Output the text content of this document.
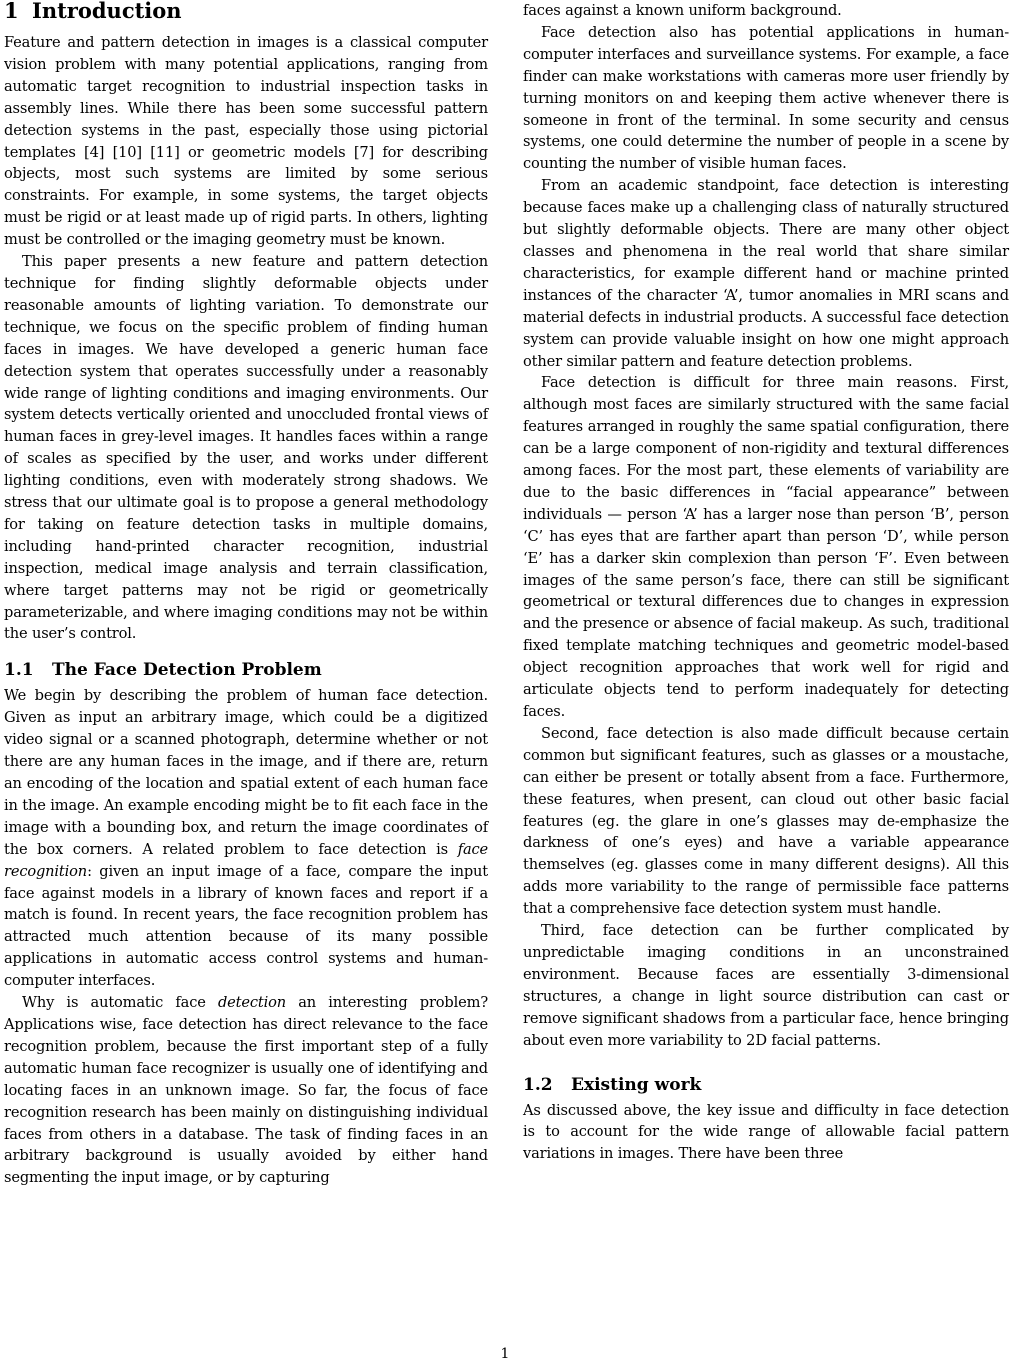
1 Introduction

Feature and pattern detection in images is a classical computer vision problem with many potential applications, ranging from automatic target recognition to industrial inspection tasks in assembly lines. While there has been some successful pattern detection systems in the past, especially those using pictorial templates [4] [10] [11] or geometric models [7] for describing objects, most such systems are limited by some serious constraints. For example, in some systems, the target objects must be rigid or at least made up of rigid parts. In others, lighting must be controlled or the imaging geometry must be known.

This paper presents a new feature and pattern detection technique for finding slightly deformable objects under reasonable amounts of lighting variation. To demonstrate our technique, we focus on the specific problem of finding human faces in images. We have developed a generic human face detection system that operates successfully under a reasonably wide range of lighting conditions and imaging environments. Our system detects vertically oriented and unoccluded frontal views of human faces in grey-level images. It handles faces within a range of scales as specified by the user, and works under different lighting conditions, even with moderately strong shadows. We stress that our ultimate goal is to propose a general methodology for taking on feature detection tasks in multiple domains, including hand-printed character recognition, industrial inspection, medical image analysis and terrain classification, where target patterns may not be rigid or geometrically parameterizable, and where imaging conditions may not be within the user’s control.

1.1 The Face Detection Problem

We begin by describing the problem of human face detection. Given as input an arbitrary image, which could be a digitized video signal or a scanned photograph, determine whether or not there are any human faces in the image, and if there are, return an encoding of the location and spatial extent of each human face in the image. An example encoding might be to fit each face in the image with a bounding box, and return the image coordinates of the box corners. A related problem to face detection is face recognition: given an input image of a face, compare the input face against models in a library of known faces and report if a match is found. In recent years, the face recognition problem has attracted much attention because of its many possible applications in automatic access control systems and human-computer interfaces.

Why is automatic face detection an interesting problem? Applications wise, face detection has direct relevance to the face recognition problem, because the first important step of a fully automatic human face recognizer is usually one of identifying and locating faces in an unknown image. So far, the focus of face recognition research has been mainly on distinguishing individual faces from others in a database. The task of finding faces in an arbitrary background is usually avoided by either hand segmenting the input image, or by capturing

faces against a known uniform background.

Face detection also has potential applications in human-computer interfaces and surveillance systems. For example, a face finder can make workstations with cameras more user friendly by turning monitors on and keeping them active whenever there is someone in front of the terminal. In some security and census systems, one could determine the number of people in a scene by counting the number of visible human faces.

From an academic standpoint, face detection is interesting because faces make up a challenging class of naturally structured but slightly deformable objects. There are many other object classes and phenomena in the real world that share similar characteristics, for example different hand or machine printed instances of the character ‘A’, tumor anomalies in MRI scans and material defects in industrial products. A successful face detection system can provide valuable insight on how one might approach other similar pattern and feature detection problems.

Face detection is difficult for three main reasons. First, although most faces are similarly structured with the same facial features arranged in roughly the same spatial configuration, there can be a large component of non-rigidity and textural differences among faces. For the most part, these elements of variability are due to the basic differences in “facial appearance” between individuals — person ‘A’ has a larger nose than person ‘B’, person ‘C’ has eyes that are farther apart than person ‘D’, while person ‘E’ has a darker skin complexion than person ‘F’. Even between images of the same person’s face, there can still be significant geometrical or textural differences due to changes in expression and the presence or absence of facial makeup. As such, traditional fixed template matching techniques and geometric model-based object recognition approaches that work well for rigid and articulate objects tend to perform inadequately for detecting faces.

Second, face detection is also made difficult because certain common but significant features, such as glasses or a moustache, can either be present or totally absent from a face. Furthermore, these features, when present, can cloud out other basic facial features (eg. the glare in one’s glasses may de-emphasize the darkness of one’s eyes) and have a variable appearance themselves (eg. glasses come in many different designs). All this adds more variability to the range of permissible face patterns that a comprehensive face detection system must handle.

Third, face detection can be further complicated by unpredictable imaging conditions in an unconstrained environment. Because faces are essentially 3-dimensional structures, a change in light source distribution can cast or remove significant shadows from a particular face, hence bringing about even more variability to 2D facial patterns.

1.2 Existing work

As discussed above, the key issue and difficulty in face detection is to account for the wide range of allowable facial pattern variations in images. There have been three

1
